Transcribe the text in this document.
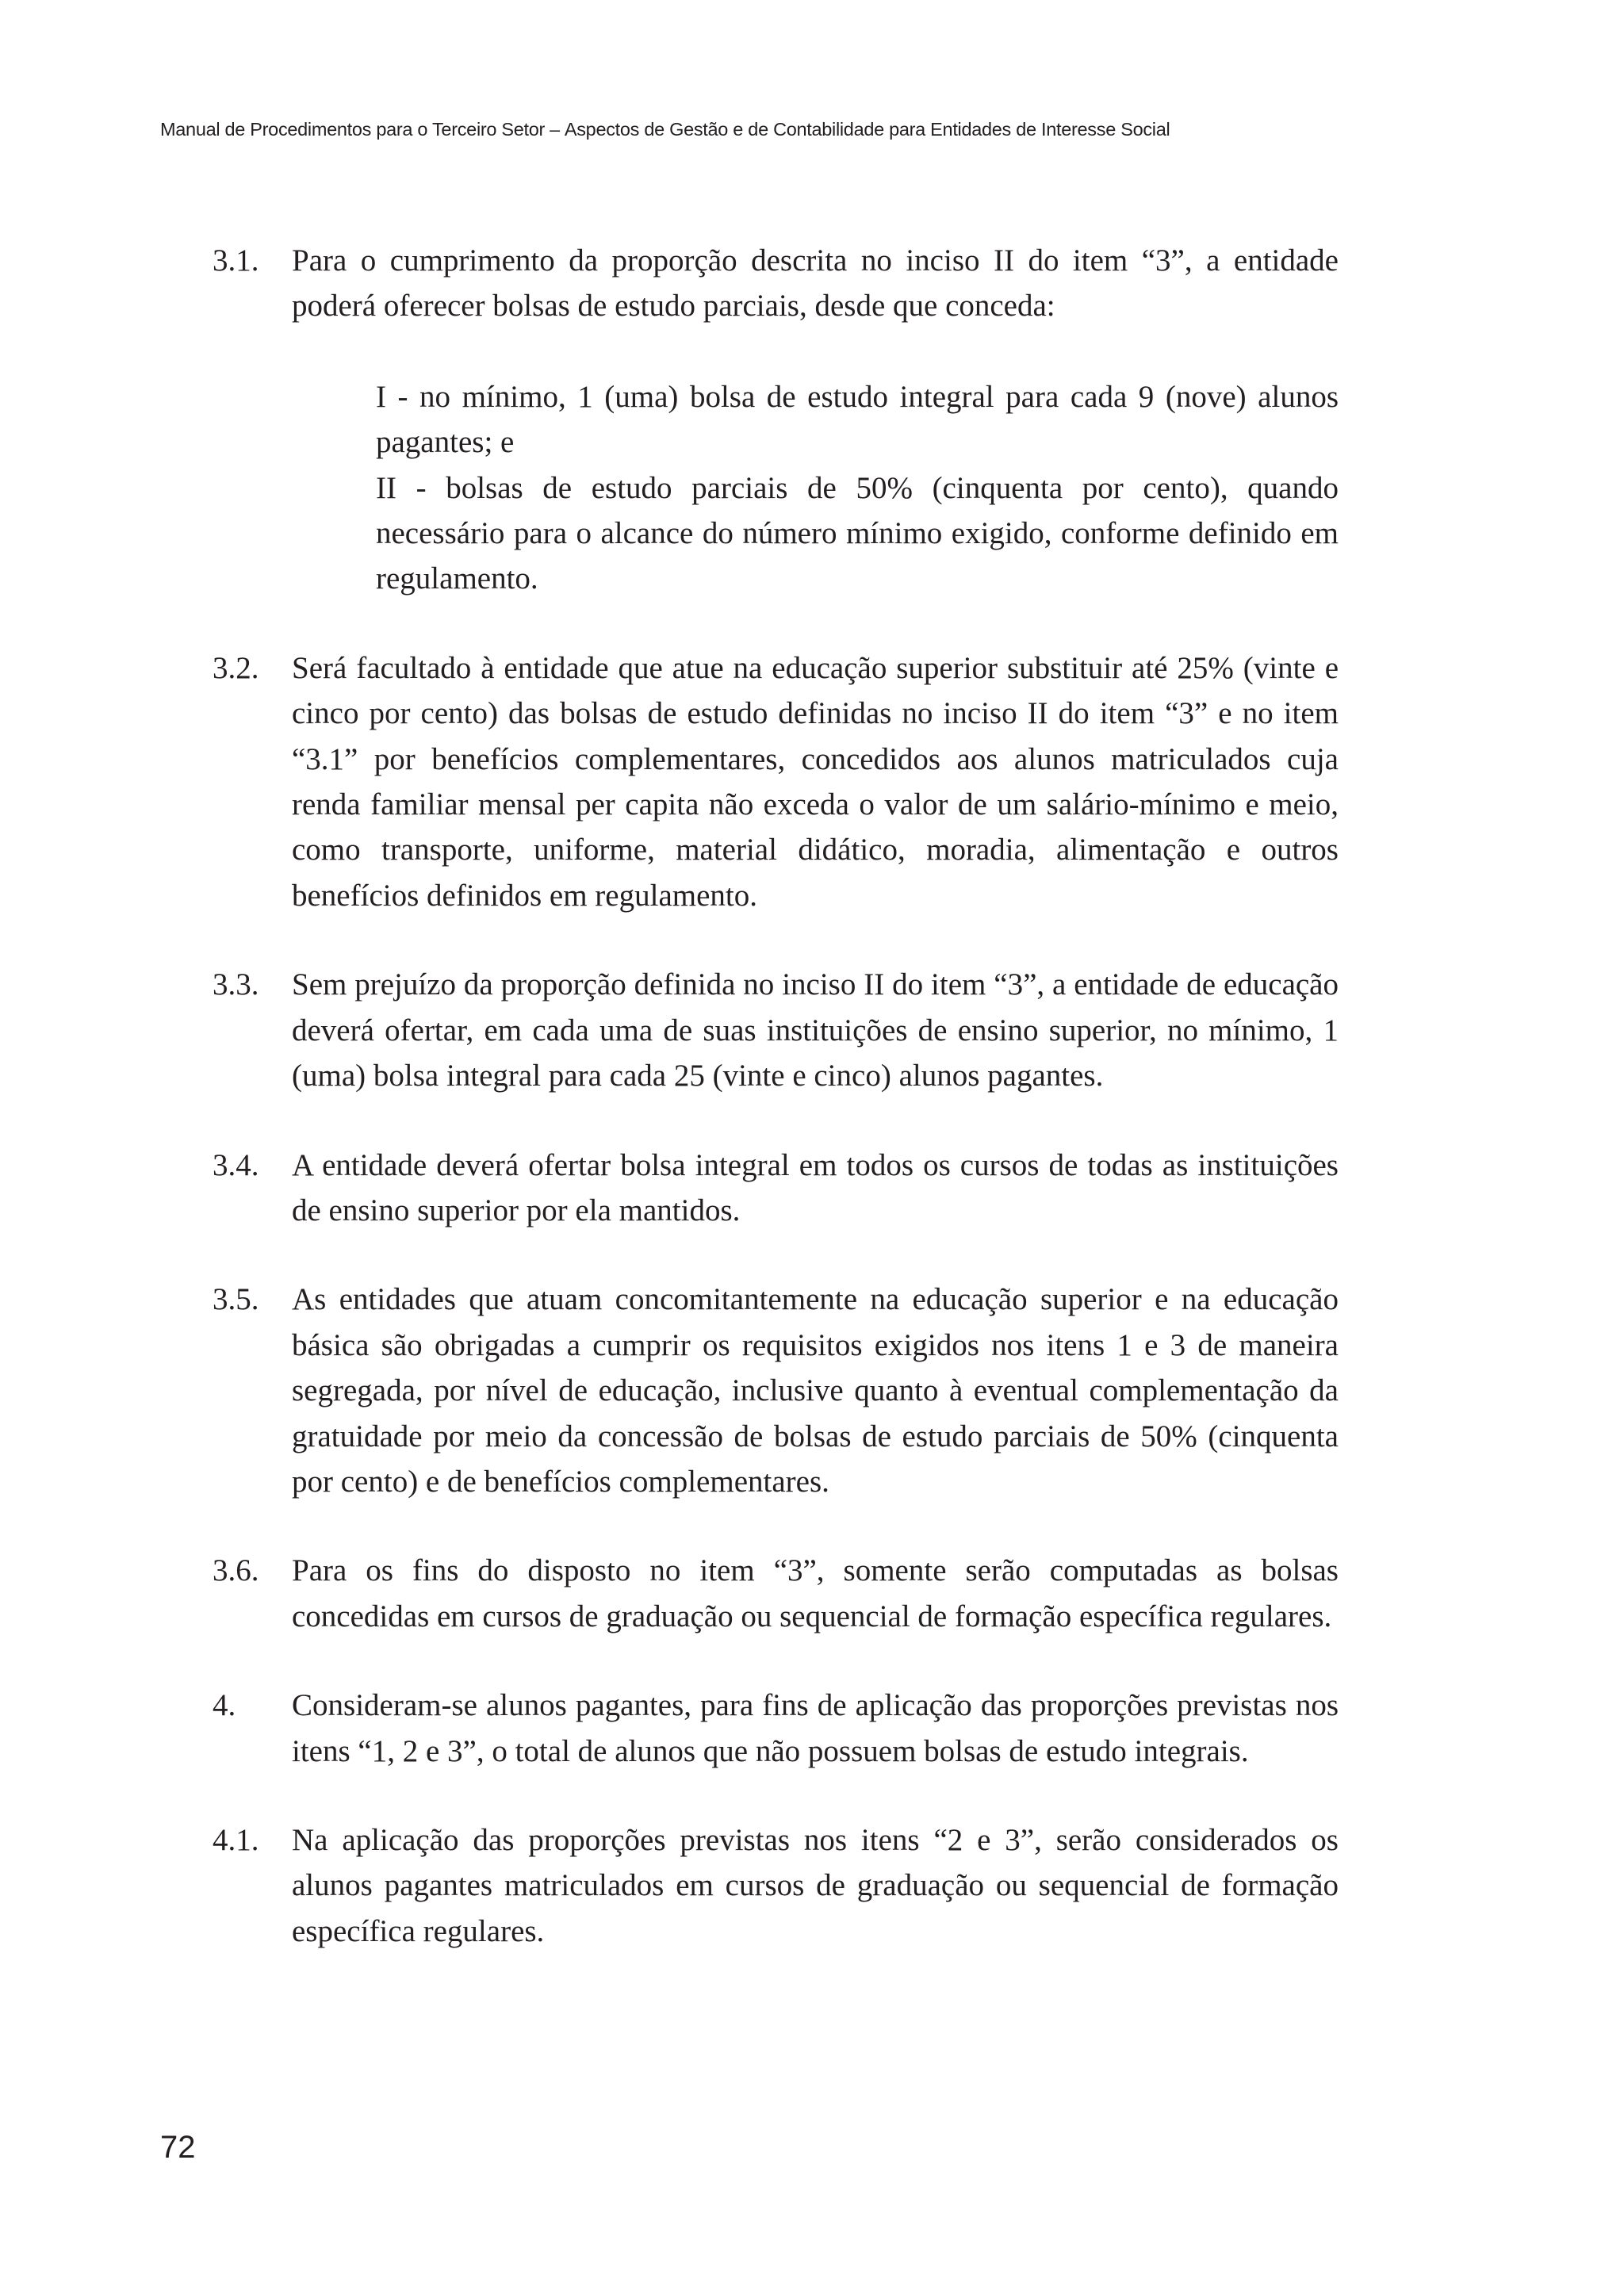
Manual de Procedimentos para o Terceiro Setor – Aspectos de Gestão e de Contabilidade para Entidades de Interesse Social
3.1.	Para o cumprimento da proporção descrita no inciso II do item “3”, a entidade poderá oferecer bolsas de estudo parciais, desde que conceda:
I - no mínimo, 1 (uma) bolsa de estudo integral para cada 9 (nove) alunos pagantes; e
II - bolsas de estudo parciais de 50% (cinquenta por cento), quando necessário para o alcance do número mínimo exigido, conforme definido em regulamento.
3.2.	Será facultado à entidade que atue na educação superior substituir até 25% (vinte e cinco por cento) das bolsas de estudo definidas no inciso II do item “3” e no item “3.1” por benefícios complementares, concedidos aos alunos matriculados cuja renda familiar mensal per capita não exceda o valor de um salário-mínimo e meio, como transporte, uniforme, material didático, moradia, alimentação e outros benefícios definidos em regulamento.
3.3.	Sem prejuízo da proporção definida no inciso II do item “3”, a entidade de educação deverá ofertar, em cada uma de suas instituições de ensino superior, no mínimo, 1 (uma) bolsa integral para cada 25 (vinte e cinco) alunos pagantes.
3.4.	A entidade deverá ofertar bolsa integral em todos os cursos de todas as instituições de ensino superior por ela mantidos.
3.5.	As entidades que atuam concomitantemente na educação superior e na educação básica são obrigadas a cumprir os requisitos exigidos nos itens 1 e 3 de maneira segregada, por nível de educação, inclusive quanto à eventual complementação da gratuidade por meio da concessão de bolsas de estudo parciais de 50% (cinquenta por cento) e de benefícios complementares.
3.6.	Para os fins do disposto no item “3”, somente serão computadas as bolsas concedidas em cursos de graduação ou sequencial de formação específica regulares.
4.	Consideram-se alunos pagantes, para fins de aplicação das proporções previstas nos itens “1, 2 e 3”, o total de alunos que não possuem bolsas de estudo integrais.
4.1.	Na aplicação das proporções previstas nos itens “2 e 3”, serão considerados os alunos pagantes matriculados em cursos de graduação ou sequencial de formação específica regulares.
72
